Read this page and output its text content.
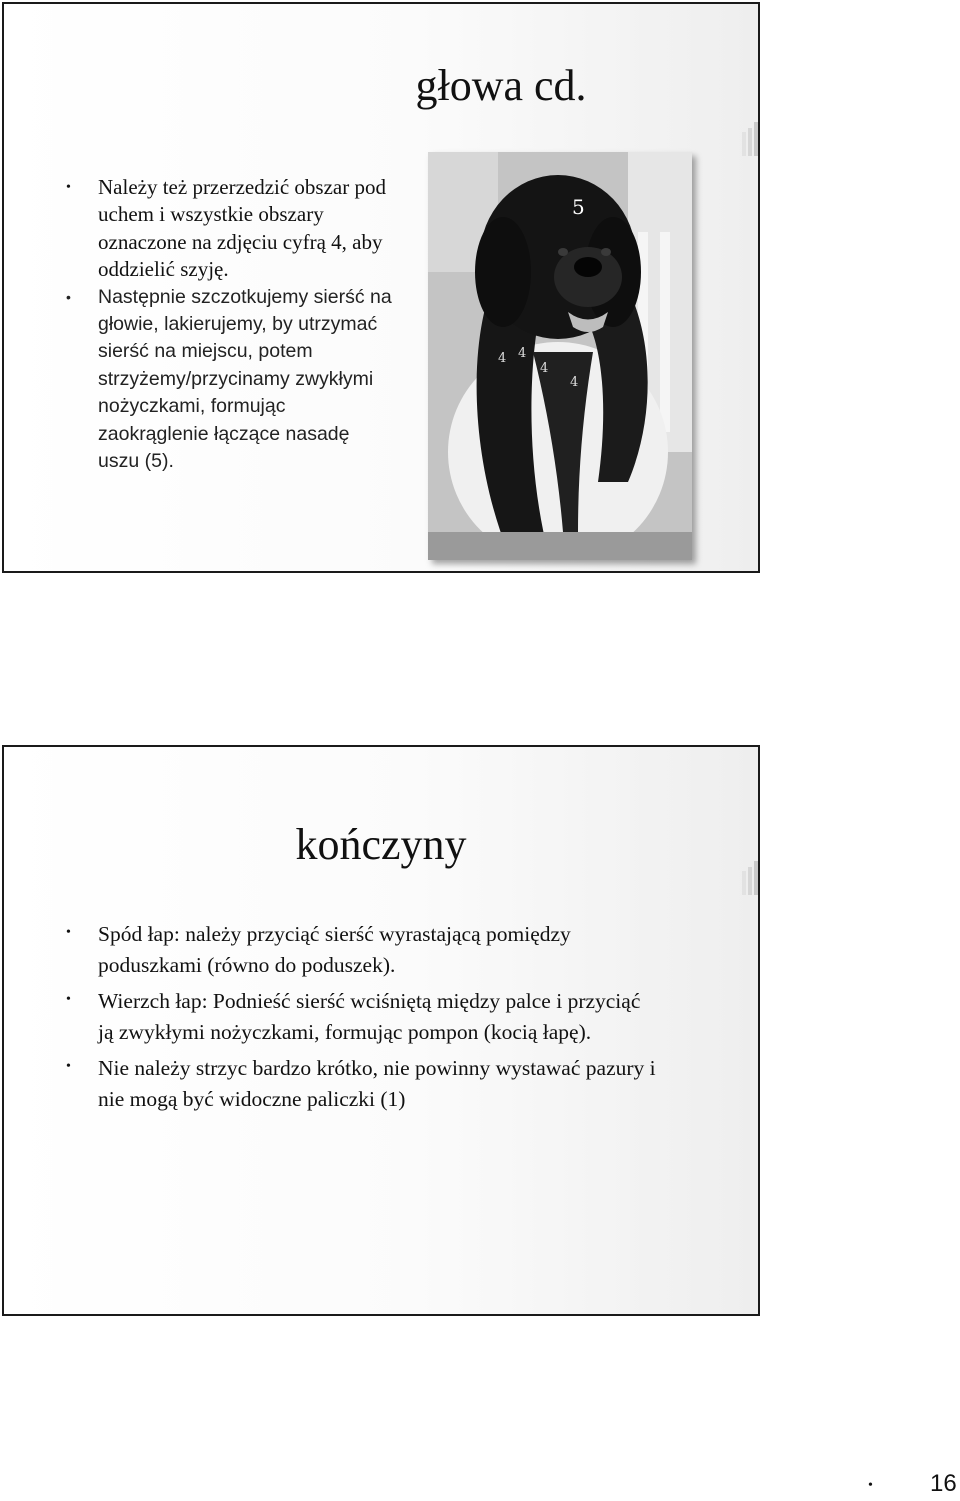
głowa cd.
• Należy też przerzedzić obszar pod uchem i wszystkie obszary oznaczone na zdjęciu cyfrą 4, aby oddzielić szyję.
• Następnie szczotkujemy sierść na głowie, lakierujemy, by utrzymać sierść na miejscu, potem strzyżemy/przycinamy zwykłymi nożyczkami, formując zaokrąglenie łączące nasadę uszu (5).
5
4
4
4
4
kończyny
• Spód łap: należy przyciąć sierść wyrastającą pomiędzy poduszkami (równo do poduszek).
• Wierzch łap: Podnieść sierść wciśniętą między palce i przyciąć ją zwykłymi nożyczkami, formując pompon (kocią łapę).
• Nie należy strzyc bardzo krótko, nie powinny wystawać pazury i nie mogą być widoczne paliczki (1)
• 16
